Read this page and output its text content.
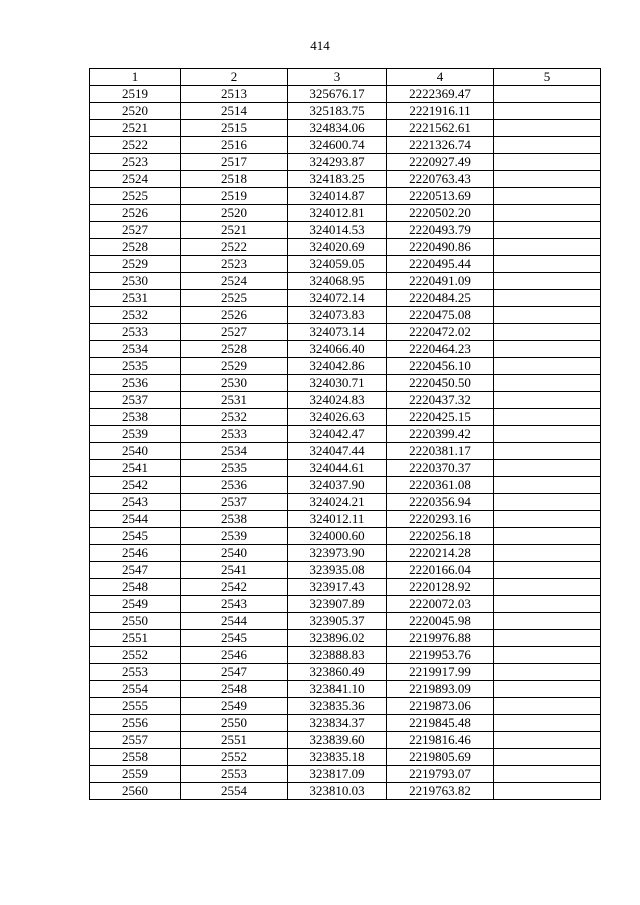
414
1	2	3	4	5
2519	2513	325676.17	2222369.47	
2520	2514	325183.75	2221916.11	
2521	2515	324834.06	2221562.61	
2522	2516	324600.74	2221326.74	
2523	2517	324293.87	2220927.49	
2524	2518	324183.25	2220763.43	
2525	2519	324014.87	2220513.69	
2526	2520	324012.81	2220502.20	
2527	2521	324014.53	2220493.79	
2528	2522	324020.69	2220490.86	
2529	2523	324059.05	2220495.44	
2530	2524	324068.95	2220491.09	
2531	2525	324072.14	2220484.25	
2532	2526	324073.83	2220475.08	
2533	2527	324073.14	2220472.02	
2534	2528	324066.40	2220464.23	
2535	2529	324042.86	2220456.10	
2536	2530	324030.71	2220450.50	
2537	2531	324024.83	2220437.32	
2538	2532	324026.63	2220425.15	
2539	2533	324042.47	2220399.42	
2540	2534	324047.44	2220381.17	
2541	2535	324044.61	2220370.37	
2542	2536	324037.90	2220361.08	
2543	2537	324024.21	2220356.94	
2544	2538	324012.11	2220293.16	
2545	2539	324000.60	2220256.18	
2546	2540	323973.90	2220214.28	
2547	2541	323935.08	2220166.04	
2548	2542	323917.43	2220128.92	
2549	2543	323907.89	2220072.03	
2550	2544	323905.37	2220045.98	
2551	2545	323896.02	2219976.88	
2552	2546	323888.83	2219953.76	
2553	2547	323860.49	2219917.99	
2554	2548	323841.10	2219893.09	
2555	2549	323835.36	2219873.06	
2556	2550	323834.37	2219845.48	
2557	2551	323839.60	2219816.46	
2558	2552	323835.18	2219805.69	
2559	2553	323817.09	2219793.07	
2560	2554	323810.03	2219763.82	
